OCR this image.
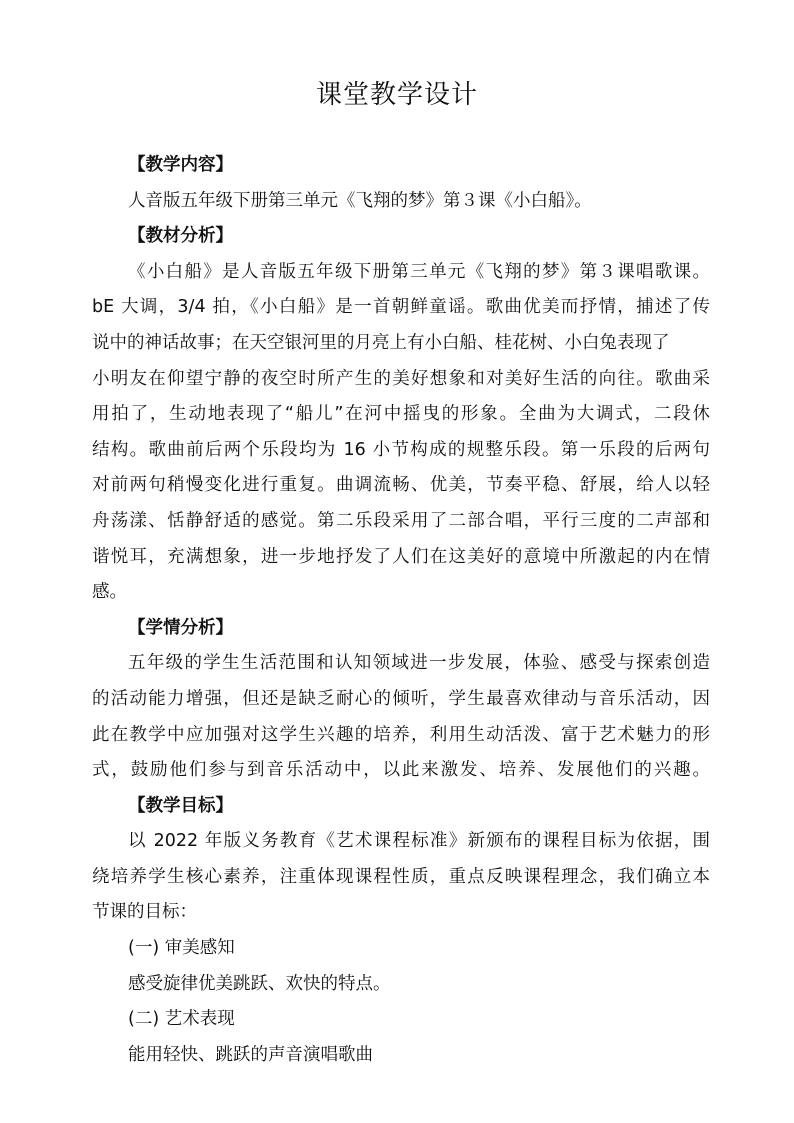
课堂教学设计

【教学内容】

人音版五年级下册第三单元《飞翔的梦》第３课《小白船》。

【教材分析】

《小白船》是人音版五年级下册第三单元《飞翔的梦》第３课唱歌课。

bE 大调，3/4 拍，《小白船》是一首朝鲜童谣。歌曲优美而抒情，捕述了传

说中的神话故事；在天空银河里的月亮上有小白船、桂花树、小白兔表现了

小明友在仰望宁静的夜空时所产生的美好想象和对美好生活的向往。歌曲采

用拍了，生动地表现了“船儿”在河中摇曳的形象。全曲为大调式，二段休

结构。歌曲前后两个乐段均为 16 小节构成的规整乐段。第一乐段的后两句

对前两句稍慢变化进行重复。曲调流畅、优美，节奏平稳、舒展，给人以轻

舟荡漾、恬静舒适的感觉。第二乐段采用了二部合唱，平行三度的二声部和

谐悦耳，充满想象，进一步地抒发了人们在这美好的意境中所激起的内在情

感。

【学情分析】

五年级的学生生活范围和认知领域进一步发展，体验、感受与探索创造

的活动能力增强，但还是缺乏耐心的倾听，学生最喜欢律动与音乐活动，因

此在教学中应加强对这学生兴趣的培养，利用生动活泼、富于艺术魅力的形

式，鼓励他们参与到音乐活动中，以此来激发、培养、发展他们的兴趣。

【教学目标】

以 2022 年版义务教育《艺术课程标准》新颁布的课程目标为依据，围

绕培养学生核心素养，注重体现课程性质，重点反映课程理念，我们确立本

节课的目标：

(一) 审美感知

感受旋律优美跳跃、欢快的特点。

(二) 艺术表现

能用轻快、跳跃的声音演唱歌曲
